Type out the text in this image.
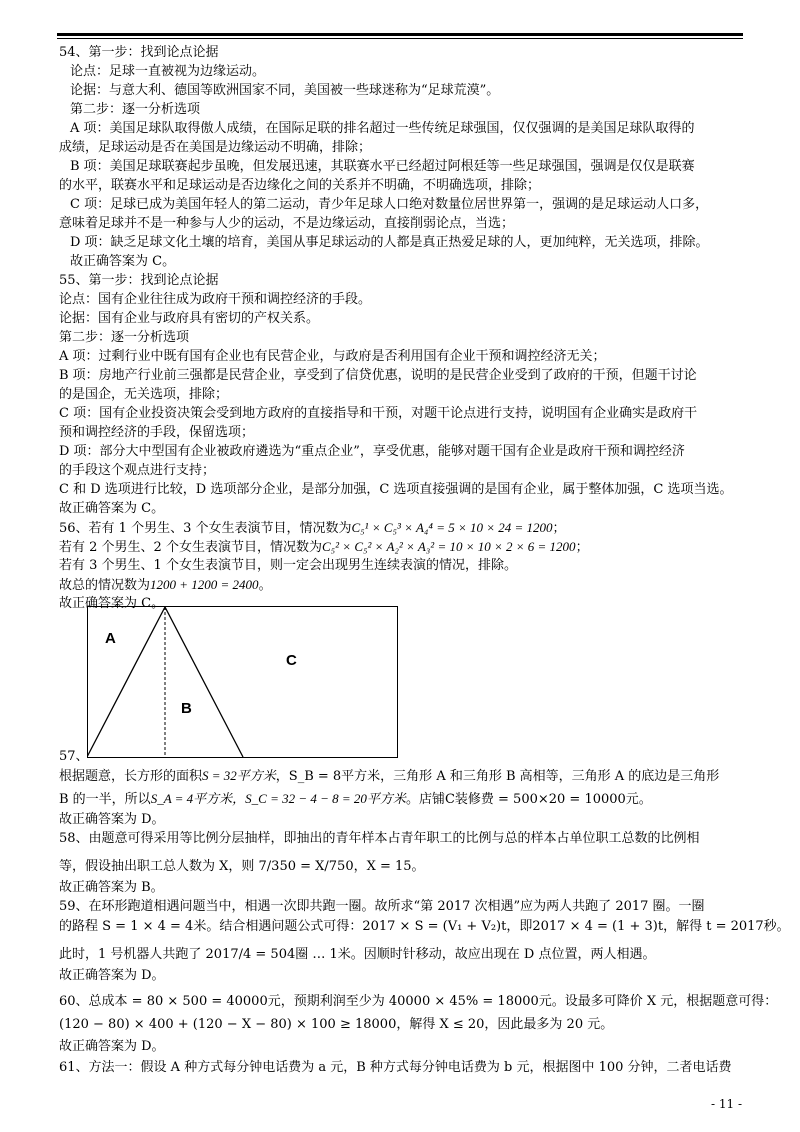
54、第一步：找到论点论据
论点：足球一直被视为边缘运动。
论据：与意大利、德国等欧洲国家不同，美国被一些球迷称为“足球荒漠”。
第二步：逐一分析选项
A 项：美国足球队取得傲人成绩，在国际足联的排名超过一些传统足球强国，仅仅强调的是美国足球队取得的
成绩，足球运动是否在美国是边缘运动不明确，排除；
B 项：美国足球联赛起步虽晚，但发展迅速，其联赛水平已经超过阿根廷等一些足球强国，强调是仅仅是联赛
的水平，联赛水平和足球运动是否边缘化之间的关系并不明确，不明确选项，排除；
C 项：足球已成为美国年轻人的第二运动，青少年足球人口绝对数量位居世界第一，强调的是足球运动人口多，
意味着足球并不是一种参与人少的运动，不是边缘运动，直接削弱论点，当选；
D 项：缺乏足球文化土壤的培育，美国从事足球运动的人都是真正热爱足球的人，更加纯粹，无关选项，排除。
故正确答案为 C。
55、第一步：找到论点论据
论点：国有企业往往成为政府干预和调控经济的手段。
论据：国有企业与政府具有密切的产权关系。
第二步：逐一分析选项
A 项：过剩行业中既有国有企业也有民营企业，与政府是否利用国有企业干预和调控经济无关；
B 项：房地产行业前三强都是民营企业，享受到了信贷优惠，说明的是民营企业受到了政府的干预，但题干讨论
的是国企，无关选项，排除；
C 项：国有企业投资决策会受到地方政府的直接指导和干预，对题干论点进行支持，说明国有企业确实是政府干
预和调控经济的手段，保留选项；
D 项：部分大中型国有企业被政府遴选为“重点企业”，享受优惠，能够对题干国有企业是政府干预和调控经济
的手段这个观点进行支持；
C 和 D 选项进行比较，D 选项部分企业，是部分加强，C 选项直接强调的是国有企业，属于整体加强，C 选项当选。
故正确答案为 C。
56、若有 1 个男生、3 个女生表演节目，情况数为C₅¹ × C₅³ × A₄⁴ = 5 × 10 × 24 = 1200；
若有 2 个男生、2 个女生表演节目，情况数为C₅² × C₅² × A₂² × A₃² = 10 × 10 × 2 × 6 = 1200；
若有 3 个男生、1 个女生表演节目，则一定会出现男生连续表演的情况，排除。
故总的情况数为1200 + 1200 = 2400。
故正确答案为 C。
57、
根据题意，长方形的面积S = 32平方米，S_B = 8平方米，三角形 A 和三角形 B 高相等，三角形 A 的底边是三角形
B 的一半，所以S_A = 4平方米，S_C = 32 − 4 − 8 = 20平方米。店铺C装修费 = 500×20 = 10000元。
故正确答案为 D。
58、由题意可得采用等比例分层抽样，即抽出的青年样本占青年职工的比例与总的样本占单位职工总数的比例相
等，假设抽出职工总人数为 X，则 7/350 = X/750，X = 15。
故正确答案为 B。
59、在环形跑道相遇问题当中，相遇一次即共跑一圈。故所求“第 2017 次相遇”应为两人共跑了 2017 圈。一圈
的路程 S = 1 × 4 = 4米。结合相遇问题公式可得：2017 × S = (V₁ + V₂)t，即2017 × 4 = (1 + 3)t，解得 t = 2017秒。
此时，1 号机器人共跑了 2017/4 = 504圈 … 1米。因顺时针移动，故应出现在 D 点位置，两人相遇。
故正确答案为 D。
60、总成本 = 80 × 500 = 40000元，预期利润至少为 40000 × 45% = 18000元。设最多可降价 X 元，根据题意可得：
(120 − 80) × 400 + (120 − X − 80) × 100 ≥ 18000，解得 X ≤ 20，因此最多为 20 元。
故正确答案为 D。
61、方法一：假设 A 种方式每分钟电话费为 a 元，B 种方式每分钟电话费为 b 元，根据图中 100 分钟，二者电话费
A
B
C
- 11 -
